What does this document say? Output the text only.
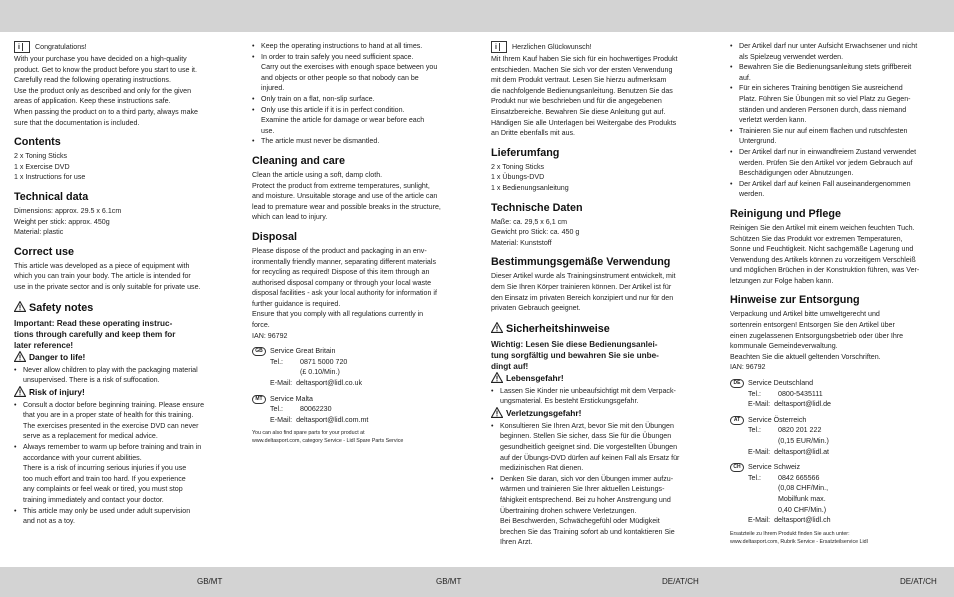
GB/MT	GB/MT	DE/AT/CH	DE/AT/CH
i Congratulations!

With your purchase you have decided on a high-quality

product. Get to know the product before you start to use it.

Carefully read the following operating instructions.

Use the product only as described and only for the given

areas of application. Keep these instructions safe.

When passing the product on to a third party, always make

sure that the documentation is included.

Contents

2 x Toning Sticks

1 x Exercise DVD

1 x Instructions for use

Technical data

Dimensions: approx. 29.5 x 6.1cm

Weight per stick: approx. 450g

Material: plastic

Correct use

This article was developed as a piece of equipment with

which you can train your body. The article is intended for

use in the private sector and is only suitable for private use.

Safety notes

Important: Read these operating instruc-

tions through carefully and keep them for

later reference!

Danger to life!
• Never allow children to play with the packaging material
unsupervised. There is a risk of suffocation.
Risk of injury!
• Consult a doctor before beginning training. Please ensure
that you are in a proper state of health for this training.
The exercises presented in the exercise DVD can never
serve as a replacement for medical advice.
• Always remember to warm up before training and train in
accordance with your current abilities.
There is a risk of incurring serious injuries if you use
too much effort and train too hard. If you experience
any complaints or feel weak or tired, you must stop
training immediately and contact your doctor.
• This article may only be used under adult supervision
and not as a toy.
• Keep the operating instructions to hand at all times.
• In order to train safely you need sufficient space.
Carry out the exercises with enough space between you
and objects or other people so that nobody can be
injured.
• Only train on a flat, non-slip surface.
• Only use this article if it is in perfect condition.
Examine the article for damage or wear before each
use.
• The article must never be dismantled.
Cleaning and care

Clean the article using a soft, damp cloth.

Protect the product from extreme temperatures, sunlight,

and moisture. Unsuitable storage and use of the article can

lead to premature wear and possible breaks in the structure,

which can lead to injury.

Disposal

Please dispose of the product and packaging in an env-

ironmentally friendly manner, separating different materials

for recycling as required! Dispose of this item through an

authorised disposal company or through your local waste

disposal facilities - ask your local authority for information if

further guidance is required.

Ensure that you comply with all regulations currently in

force.

IAN: 96792

GB	Service Great Britain
Tel.:	0871 5000 720
(£ 0.10/Min.)
E-Mail: deltasport@lidl.co.uk
MT	Service Malta
Tel.:	80062230
E-Mail: deltasport@lidl.com.mt

You can also find spare parts for your product at

www.deltasport.com, category Service - Lidl Spare Parts Service

i Herzlichen Glückwunsch!

Mit Ihrem Kauf haben Sie sich für ein hochwertiges Produkt

entschieden. Machen Sie sich vor der ersten Verwendung

mit dem Produkt vertraut. Lesen Sie hierzu aufmerksam

die nachfolgende Bedienungsanleitung. Benutzen Sie das

Produkt nur wie beschrieben und für die angegebenen

Einsatzbereiche. Bewahren Sie diese Anleitung gut auf.

Händigen Sie alle Unterlagen bei Weitergabe des Produkts

an Dritte ebenfalls mit aus.

Lieferumfang

2 x Toning Sticks

1 x Übungs-DVD

1 x Bedienungsanleitung

Technische Daten

Maße: ca. 29,5 x 6,1 cm

Gewicht pro Stick: ca. 450 g

Material: Kunststoff

Bestimmungsgemäße Verwendung

Dieser Artikel wurde als Trainingsinstrument entwickelt, mit

dem Sie Ihren Körper trainieren können. Der Artikel ist für

den Einsatz im privaten Bereich konzipiert und nur für den

privaten Gebrauch geeignet.

Sicherheitshinweise

Wichtig: Lesen Sie diese Bedienungsanlei-

tung sorgfältig und bewahren Sie sie unbe-

dingt auf!

Lebensgefahr!
• Lassen Sie Kinder nie unbeaufsichtigt mit dem Verpack-
ungsmaterial. Es besteht Erstickungsgefahr.
Verletzungsgefahr!
• Konsultieren Sie Ihren Arzt, bevor Sie mit den Übungen
beginnen. Stellen Sie sicher, dass Sie für die Übungen
gesundheitlich geeignet sind. Die vorgestellten Übungen
auf der Übungs-DVD dürfen auf keinen Fall als Ersatz für
medizinischen Rat dienen.
• Denken Sie daran, sich vor den Übungen immer aufzu-
wärmen und trainieren Sie Ihrer aktuellen Leistungs-
fähigkeit entsprechend. Bei zu hoher Anstrengung und
Übertraining drohen schwere Verletzungen.
Bei Beschwerden, Schwächegefühl oder Müdigkeit
brechen Sie das Training sofort ab und kontaktieren Sie
Ihren Arzt.
• Der Artikel darf nur unter Aufsicht Erwachsener und nicht
als Spielzeug verwendet werden.
• Bewahren Sie die Bedienungsanleitung stets griffbereit
auf.
• Für ein sicheres Training benötigen Sie ausreichend
Platz. Führen Sie Übungen mit so viel Platz zu Gegen-
ständen und anderen Personen durch, dass niemand
verletzt werden kann.
• Trainieren Sie nur auf einem flachen und rutschfesten
Untergrund.
• Der Artikel darf nur in einwandfreiem Zustand verwendet
werden. Prüfen Sie den Artikel vor jedem Gebrauch auf
Beschädigungen oder Abnutzungen.
• Der Artikel darf auf keinen Fall auseinandergenommen
werden.
Reinigung und Pflege

Reinigen Sie den Artikel mit einem weichen feuchten Tuch.

Schützen Sie das Produkt vor extremen Temperaturen,

Sonne und Feuchtigkeit. Nicht sachgemäße Lagerung und

Verwendung des Artikels können zu vorzeitigem Verschleiß

und möglichen Brüchen in der Konstruktion führen, was Ver-

letzungen zur Folge haben kann.

Hinweise zur Entsorgung

Verpackung und Artikel bitte umweltgerecht und

sortenrein entsorgen! Entsorgen Sie den Artikel über

einen zugelassenen Entsorgungsbetrieb oder über Ihre

kommunale Gemeindeverwaltung.

Beachten Sie die aktuell geltenden Vorschriften.

IAN: 96792

DE	Service Deutschland
Tel.:	0800-5435111
E-Mail: deltasport@lidl.de
AT	Service Österreich
Tel.:	0820 201 222
(0,15 EUR/Min.)
E-Mail: deltasport@lidl.at
CH	Service Schweiz
Tel.:	0842 665566
(0,08 CHF/Min.,
Mobilfunk max.
0,40 CHF/Min.)
E-Mail: deltasport@lidl.ch

Ersatzteile zu Ihrem Produkt finden Sie auch unter:

www.deltasport.com, Rubrik Service - Ersatzteilservice Lidl
